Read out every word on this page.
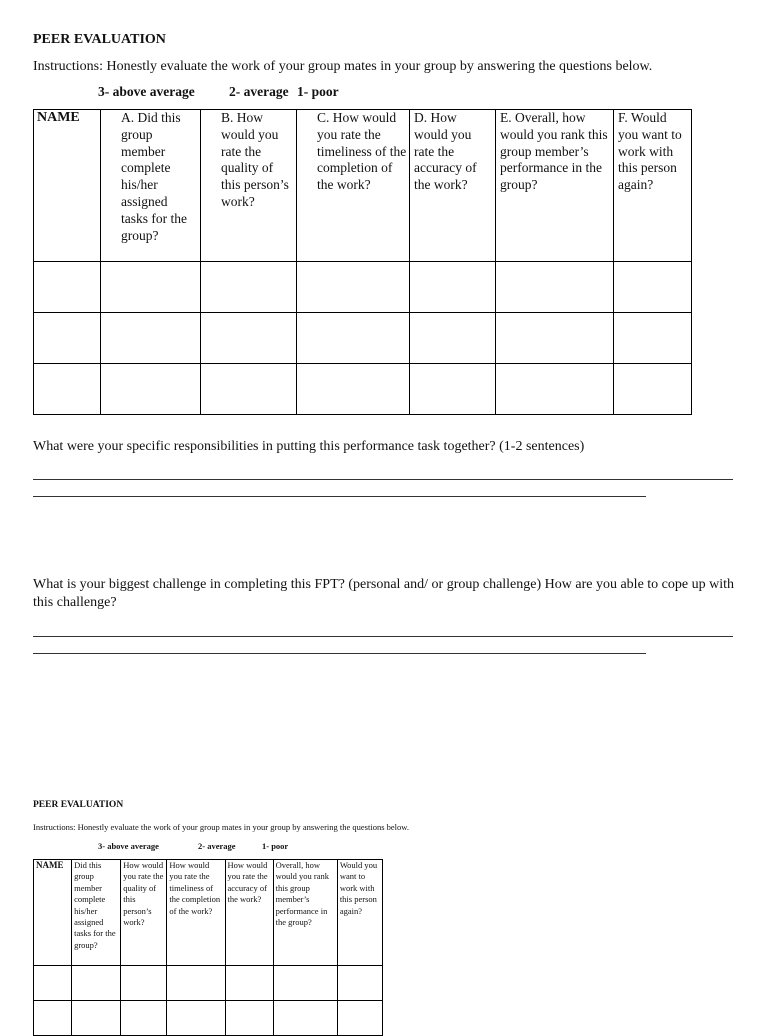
PEER EVALUATION
Instructions: Honestly evaluate the work of your group mates in your group by answering the questions below.
3- above average	2- average 1- poor
NAME	A. Did this group member complete his/her assigned tasks for the group?	B. How would you rate the quality of this person’s work?	C. How would you rate the timeliness of the completion of the work?	D. How would you rate the accuracy of the work?	E. Overall, how would you rank this group member’s performance in the group?	F. Would you want to work with this person again?

What were your specific responsibilities in putting this performance task together? (1-2 sentences)
What is your biggest challenge in completing this FPT? (personal and/ or group challenge) How are you able to cope up with this challenge?
PEER EVALUATION
Instructions: Honestly evaluate the work of your group mates in your group by answering the questions below.
3- above average	2- average	1- poor
NAME	Did this group member complete his/her assigned tasks for the group?	How would you rate the quality of this person’s work?	How would you rate the timeliness of the completion of the work?	How would you rate the accuracy of the work?	Overall, how would you rank this group member’s performance in the group?	Would you want to work with this person again?
